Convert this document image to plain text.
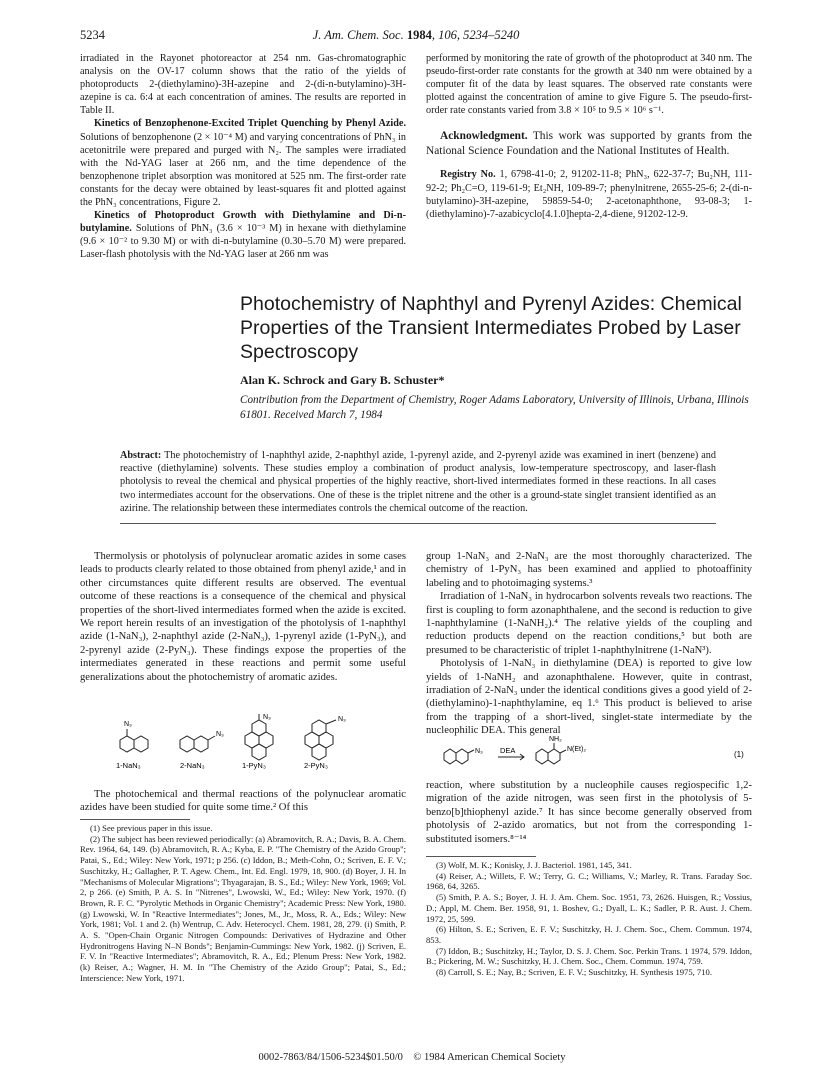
5234	J. Am. Chem. Soc. 1984, 106, 5234–5240

irradiated in the Rayonet photoreactor at 254 nm. Gas-chromatographic analysis on the OV-17 column shows that the ratio of the yields of photoproducts 2-(diethylamino)-3H-azepine and 2-(di-n-butylamino)-3H-azepine is ca. 6:4 at each concentration of amines. The results are reported in Table II.

Kinetics of Benzophenone-Excited Triplet Quenching by Phenyl Azide. Solutions of benzophenone (2 × 10⁻⁴ M) and varying concentrations of PhN₃ in acetonitrile were prepared and purged with N₂. The samples were irradiated with the Nd-YAG laser at 266 nm, and the time dependence of the benzophenone triplet absorption was monitored at 525 nm. The first-order rate constants for the decay were obtained by least-squares fit and plotted against the PhN₃ concentrations, Figure 2.

Kinetics of Photoproduct Growth with Diethylamine and Di-n-butylamine. Solutions of PhN₃ (3.6 × 10⁻³ M) in hexane with diethylamine (9.6 × 10⁻² to 9.30 M) or with di-n-butylamine (0.30–5.70 M) were prepared. Laser-flash photolysis with the Nd-YAG laser at 266 nm was

performed by monitoring the rate of growth of the photoproduct at 340 nm. The pseudo-first-order rate constants for the growth at 340 nm were obtained by a computer fit of the data by least squares. The observed rate constants were plotted against the concentration of amine to give Figure 5. The pseudo-first-order rate constants varied from 3.8 × 10⁵ to 9.5 × 10⁶ s⁻¹.

Acknowledgment. This work was supported by grants from the National Science Foundation and the National Institutes of Health.

Registry No. 1, 6798-41-0; 2, 91202-11-8; PhN₃, 622-37-7; Bu₂NH, 111-92-2; Ph₂C=O, 119-61-9; Et₂NH, 109-89-7; phenylnitrene, 2655-25-6; 2-(di-n-butylamino)-3H-azepine, 59859-54-0; 2-acetonaphthone, 93-08-3; 1-(diethylamino)-7-azabicyclo[4.1.0]hepta-2,4-diene, 91202-12-9.

Photochemistry of Naphthyl and Pyrenyl Azides: Chemical Properties of the Transient Intermediates Probed by Laser Spectroscopy
Alan K. Schrock and Gary B. Schuster*
Contribution from the Department of Chemistry, Roger Adams Laboratory, University of Illinois, Urbana, Illinois 61801. Received March 7, 1984
Abstract: The photochemistry of 1-naphthyl azide, 2-naphthyl azide, 1-pyrenyl azide, and 2-pyrenyl azide was examined in inert (benzene) and reactive (diethylamine) solvents. These studies employ a combination of product analysis, low-temperature spectroscopy, and laser-flash photolysis to reveal the chemical and physical properties of the highly reactive, short-lived intermediates formed in these reactions. In all cases two intermediates account for the observations. One of these is the triplet nitrene and the other is a ground-state singlet transient identified as an azirine. The relationship between these intermediates controls the chemical outcome of the reaction.

Thermolysis or photolysis of polynuclear aromatic azides in some cases leads to products clearly related to those obtained from phenyl azide,¹ and in other circumstances quite different results are observed. The eventual outcome of these reactions is a consequence of the chemical and physical properties of the short-lived intermediates formed when the azide is excited. We report herein results of an investigation of the photolysis of 1-naphthyl azide (1-NaN₃), 2-naphthyl azide (2-NaN₃), 1-pyrenyl azide (1-PyN₃), and 2-pyrenyl azide (2-PyN₃). These findings expose the properties of the intermediates generated in these reactions and permit some useful generalizations about the photochemistry of aromatic azides.

N₃
N₃
N₃	N₃
1-NaN₃	2-NaN₃	1-PyN₃	2-PyN₃

The photochemical and thermal reactions of the polynuclear aromatic azides have been studied for quite some time.² Of this

group 1-NaN₃ and 2-NaN₃ are the most thoroughly characterized. The chemistry of 1-PyN₃ has been examined and applied to photoaffinity labeling and to photoimaging systems.³

Irradiation of 1-NaN₃ in hydrocarbon solvents reveals two reactions. The first is coupling to form azonaphthalene, and the second is reduction to give 1-naphthylamine (1-NaNH₂).⁴ The relative yields of the coupling and reduction products depend on the reaction conditions,⁵ but both are presumed to be characteristic of triplet 1-naphthylnitrene (1-NaN³).

Photolysis of 1-NaN₃ in diethylamine (DEA) is reported to give low yields of 1-NaNH₂ and azonaphthalene. However, quite in contrast, irradiation of 2-NaN₃ under the identical conditions gives a good yield of 2-(diethylamino)-1-naphthylamine, eq 1.⁶ This product is believed to arise from the trapping of a short-lived, singlet-state intermediate by the nucleophilic DEA. This general

N₃ DEA
NH₂
N(Et)₂
(1)

reaction, where substitution by a nucleophile causes regiospecific 1,2-migration of the azide nitrogen, was seen first in the photolysis of 5-benzo[b]thiophenyl azide.⁷ It has since become generally observed from photolysis of 2-azido aromatics, but not from the corresponding 1-substituted isomers.⁸⁻¹⁴

(1) See previous paper in this issue.
(2) The subject has been reviewed periodically: (a) Abramovitch, R. A.; Davis, B. A. Chem. Rev. 1964, 64, 149. (b) Abramovitch, R. A.; Kyba, E. P. "The Chemistry of the Azido Group"; Patai, S., Ed.; Wiley: New York, 1971; p 256. (c) Iddon, B.; Meth-Cohn, O.; Scriven, E. F. V.; Suschitzky, H.; Gallagher, P. T. Agew. Chem., Int. Ed. Engl. 1979, 18, 900. (d) Boyer, J. H. In "Mechanisms of Molecular Migrations"; Thyagarajan, B. S., Ed.; Wiley: New York, 1969; Vol. 2, p 266. (e) Smith, P. A. S. In "Nitrenes", Lwowski, W., Ed.; Wiley: New York, 1970. (f) Brown, R. F. C. "Pyrolytic Methods in Organic Chemistry"; Academic Press: New York, 1980. (g) Lwowski, W. In "Reactive Intermediates"; Jones, M., Jr., Moss, R. A., Eds.; Wiley: New York, 1981; Vol. 1 and 2. (h) Wentrup, C. Adv. Heterocycl. Chem. 1981, 28, 279. (i) Smith, P. A. S. "Open-Chain Organic Nitrogen Compounds: Derivatives of Hydrazine and Other Hydronitrogens Having N–N Bonds"; Benjamin-Cummings: New York, 1982. (j) Scriven, E. F. V. In "Reactive Intermediates"; Abramovitch, R. A., Ed.; Plenum Press: New York, 1982. (k) Reiser, A.; Wagner, H. M. In "The Chemistry of the Azido Group"; Patai, S., Ed.; Interscience: New York, 1971.
(3) Wolf, M. K.; Konisky, J. J. Bacteriol. 1981, 145, 341.
(4) Reiser, A.; Willets, F. W.; Terry, G. C.; Williams, V.; Marley, R. Trans. Faraday Soc. 1968, 64, 3265.
(5) Smith, P. A. S.; Boyer, J. H. J. Am. Chem. Soc. 1951, 73, 2626. Huisgen, R.; Vossius, D.; Appl, M. Chem. Ber. 1958, 91, 1. Boshev, G.; Dyall, L. K.; Sadler, P. R. Aust. J. Chem. 1972, 25, 599.
(6) Hilton, S. E.; Scriven, E. F. V.; Suschitzky, H. J. Chem. Soc., Chem. Commun. 1974, 853.
(7) Iddon, B.; Suschitzky, H.; Taylor, D. S. J. Chem. Soc. Perkin Trans. 1 1974, 579. Iddon, B.; Pickering, M. W.; Suschitzky, H. J. Chem. Soc., Chem. Commun. 1974, 759.
(8) Carroll, S. E.; Nay, B.; Scriven, E. F. V.; Suschitzky, H. Synthesis 1975, 710.
0002-7863/84/1506-5234$01.50/0 © 1984 American Chemical Society
